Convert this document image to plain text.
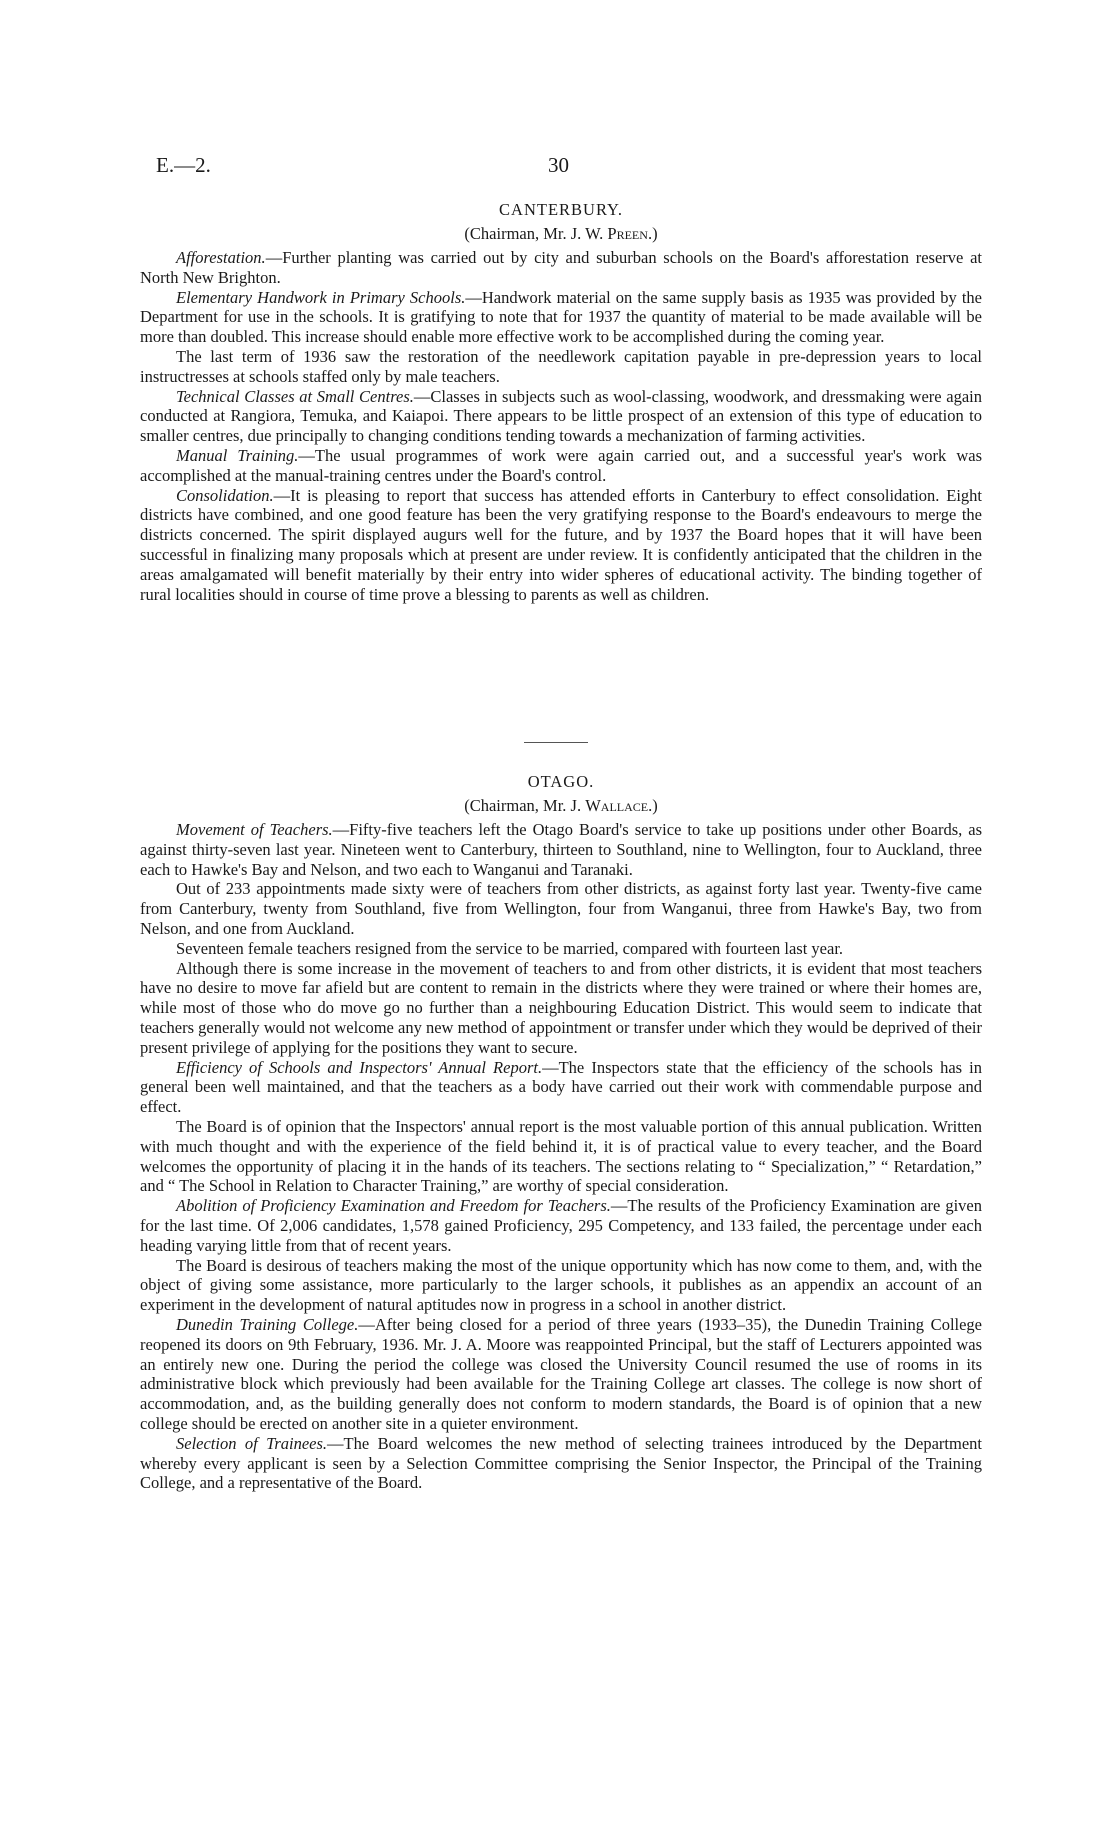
E.—2.	30
CANTERBURY.
(Chairman, Mr. J. W. Preen.)

Afforestation.—Further planting was carried out by city and suburban schools on the Board's afforestation reserve at North New Brighton.

Elementary Handwork in Primary Schools.—Handwork material on the same supply basis as 1935 was provided by the Department for use in the schools. It is gratifying to note that for 1937 the quantity of material to be made available will be more than doubled. This increase should enable more effective work to be accomplished during the coming year.

The last term of 1936 saw the restoration of the needlework capitation payable in pre-depression years to local instructresses at schools staffed only by male teachers.

Technical Classes at Small Centres.—Classes in subjects such as wool-classing, woodwork, and dressmaking were again conducted at Rangiora, Temuka, and Kaiapoi. There appears to be little prospect of an extension of this type of education to smaller centres, due principally to changing conditions tending towards a mechanization of farming activities.

Manual Training.—The usual programmes of work were again carried out, and a successful year's work was accomplished at the manual-training centres under the Board's control.

Consolidation.—It is pleasing to report that success has attended efforts in Canterbury to effect consolidation. Eight districts have combined, and one good feature has been the very gratifying response to the Board's endeavours to merge the districts concerned. The spirit displayed augurs well for the future, and by 1937 the Board hopes that it will have been successful in finalizing many proposals which at present are under review. It is confidently anticipated that the children in the areas amalgamated will benefit materially by their entry into wider spheres of educational activity. The binding together of rural localities should in course of time prove a blessing to parents as well as children.

OTAGO.
(Chairman, Mr. J. Wallace.)

Movement of Teachers.—Fifty-five teachers left the Otago Board's service to take up positions under other Boards, as against thirty-seven last year. Nineteen went to Canterbury, thirteen to Southland, nine to Wellington, four to Auckland, three each to Hawke's Bay and Nelson, and two each to Wanganui and Taranaki.

Out of 233 appointments made sixty were of teachers from other districts, as against forty last year. Twenty-five came from Canterbury, twenty from Southland, five from Wellington, four from Wanganui, three from Hawke's Bay, two from Nelson, and one from Auckland.

Seventeen female teachers resigned from the service to be married, compared with fourteen last year.

Although there is some increase in the movement of teachers to and from other districts, it is evident that most teachers have no desire to move far afield but are content to remain in the districts where they were trained or where their homes are, while most of those who do move go no further than a neighbouring Education District. This would seem to indicate that teachers generally would not welcome any new method of appointment or transfer under which they would be deprived of their present privilege of applying for the positions they want to secure.

Efficiency of Schools and Inspectors' Annual Report.—The Inspectors state that the efficiency of the schools has in general been well maintained, and that the teachers as a body have carried out their work with commendable purpose and effect.

The Board is of opinion that the Inspectors' annual report is the most valuable portion of this annual publication. Written with much thought and with the experience of the field behind it, it is of practical value to every teacher, and the Board welcomes the opportunity of placing it in the hands of its teachers. The sections relating to “ Specialization,” “ Retardation,” and “ The School in Relation to Character Training,” are worthy of special consideration.

Abolition of Proficiency Examination and Freedom for Teachers.—The results of the Proficiency Examination are given for the last time. Of 2,006 candidates, 1,578 gained Proficiency, 295 Competency, and 133 failed, the percentage under each heading varying little from that of recent years.

The Board is desirous of teachers making the most of the unique opportunity which has now come to them, and, with the object of giving some assistance, more particularly to the larger schools, it publishes as an appendix an account of an experiment in the development of natural aptitudes now in progress in a school in another district.

Dunedin Training College.—After being closed for a period of three years (1933–35), the Dunedin Training College reopened its doors on 9th February, 1936. Mr. J. A. Moore was reappointed Principal, but the staff of Lecturers appointed was an entirely new one. During the period the college was closed the University Council resumed the use of rooms in its administrative block which previously had been available for the Training College art classes. The college is now short of accommodation, and, as the building generally does not conform to modern standards, the Board is of opinion that a new college should be erected on another site in a quieter environment.

Selection of Trainees.—The Board welcomes the new method of selecting trainees introduced by the Department whereby every applicant is seen by a Selection Committee comprising the Senior Inspector, the Principal of the Training College, and a representative of the Board.
